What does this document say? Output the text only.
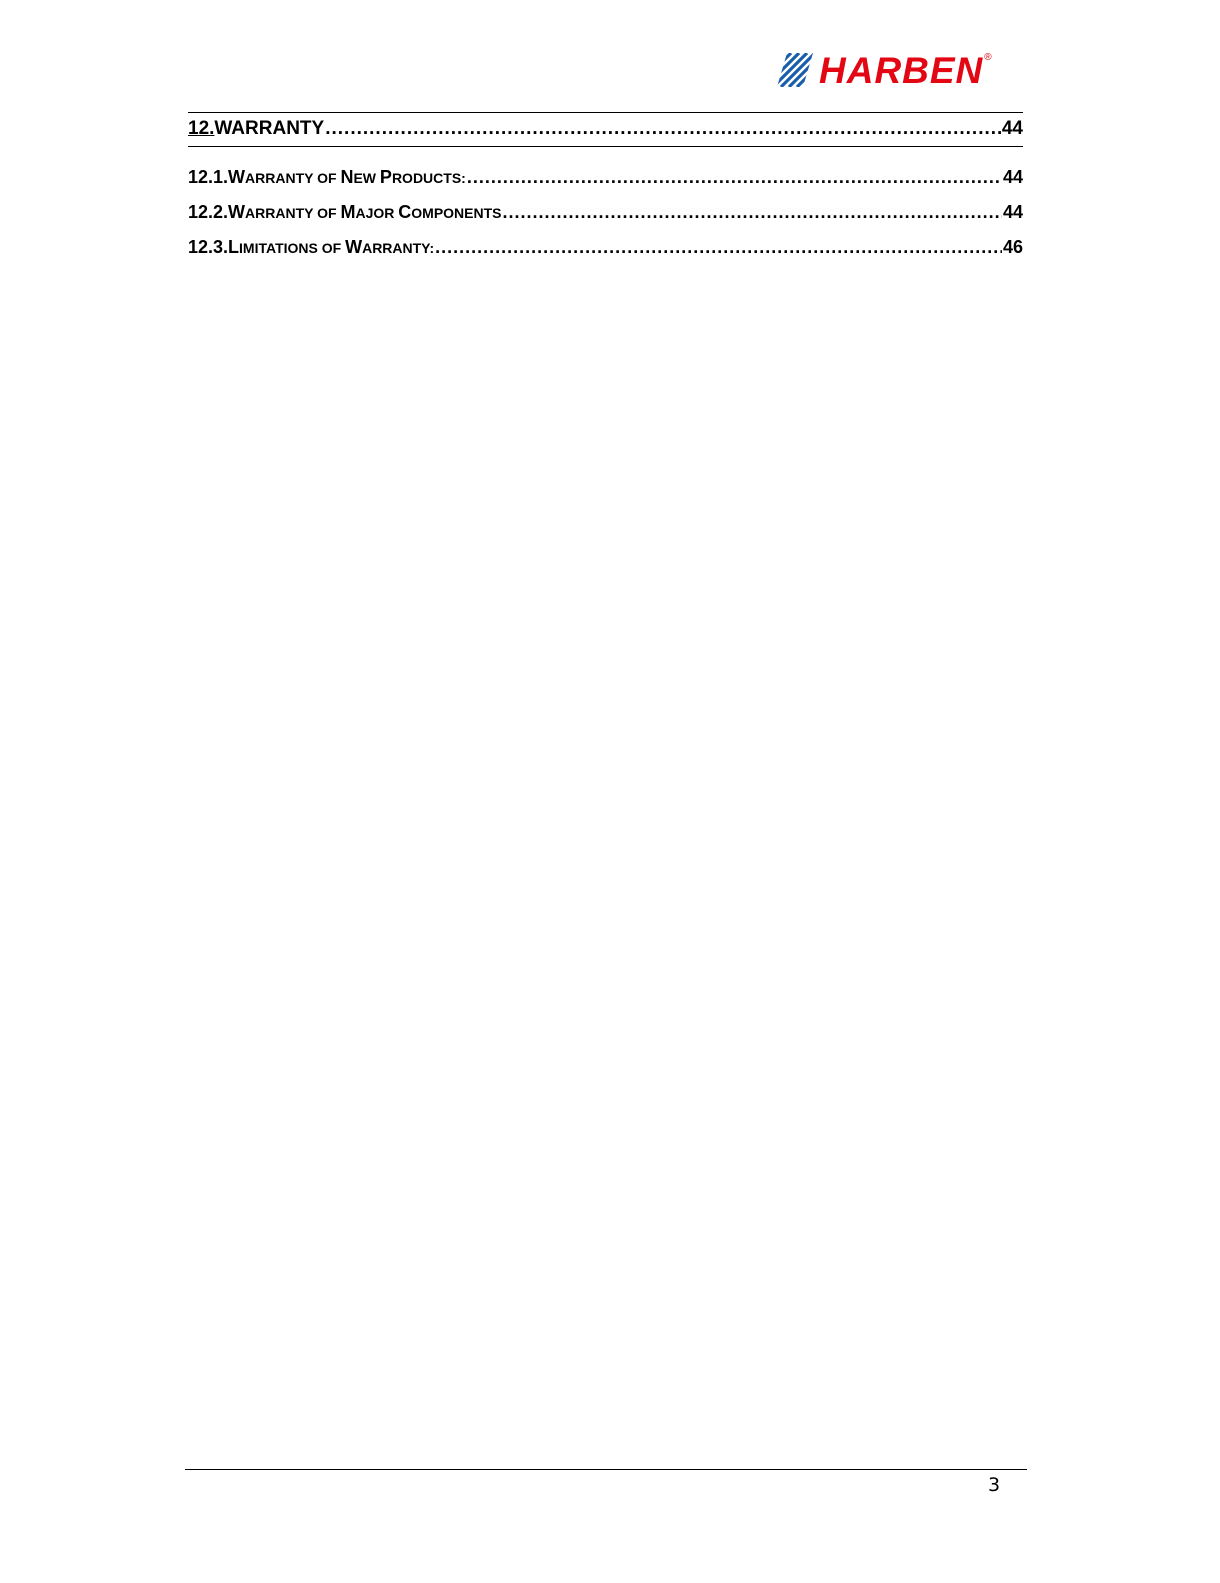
HARBEN ®
12. WARRANTY .....	44
12.1. WARRANTY OF NEW PRODUCTS: .....	44
12.2. WARRANTY OF MAJOR COMPONENTS .....	44
12.3. LIMITATIONS OF WARRANTY: .....	46
3
